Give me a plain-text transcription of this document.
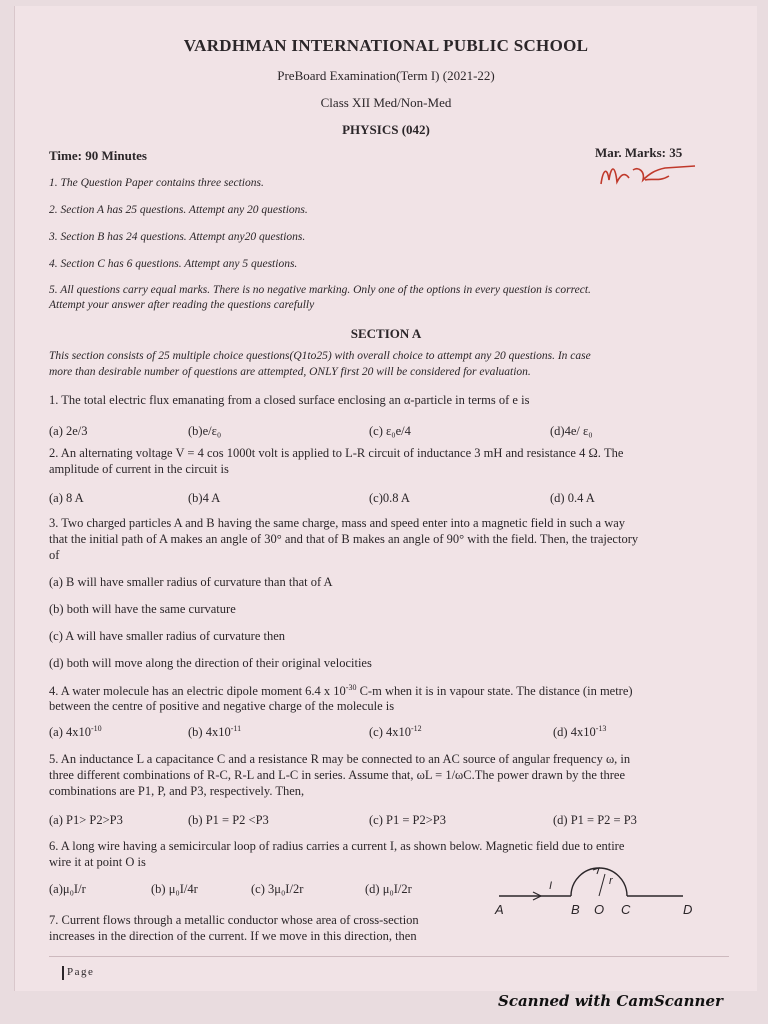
VARDHMAN INTERNATIONAL PUBLIC SCHOOL
PreBoard Examination(Term I) (2021-22)
Class XII Med/Non-Med
PHYSICS (042)
Time: 90 Minutes	Mar. Marks: 35
1. The Question Paper contains three sections.
2. Section A has 25 questions. Attempt any 20 questions.
3. Section B has 24 questions. Attempt any20 questions.
4. Section C has 6 questions. Attempt any 5 questions.
5. All questions carry equal marks. There is no negative marking. Only one of the options in every question is correct.
Attempt your answer after reading the questions carefully
SECTION A
This section consists of 25 multiple choice questions(Q1to25) with overall choice to attempt any 20 questions. In case
more than desirable number of questions are attempted, ONLY first 20 will be considered for evaluation.
1. The total electric flux emanating from a closed surface enclosing an α-particle in terms of e is
(a) 2e/3	(b)e/ε₀	(c) ε₀e/4	(d)4e/ ε₀
2. An alternating voltage V = 4 cos 1000t volt is applied to L-R circuit of inductance 3 mH and resistance 4 Ω. The
amplitude of current in the circuit is
(a) 8 A	(b)4 A	(c)0.8 A	(d) 0.4 A
3. Two charged particles A and B having the same charge, mass and speed enter into a magnetic field in such a way
that the initial path of A makes an angle of 30° and that of B makes an angle of 90° with the field. Then, the trajectory
of
(a) B will have smaller radius of curvature than that of A
(b) both will have the same curvature
(c) A will have smaller radius of curvature then
(d) both will move along the direction of their original velocities
4. A water molecule has an electric dipole moment 6.4 x $10^{-30}$ C-m when it is in vapour state. The distance (in metre)
between the centre of positive and negative charge of the molecule is
(a) $4x10^{-10}$	(b) $4x10^{-11}$	(c) $4x10^{-12}$	(d) $4x10^{-13}$
5. An inductance L a capacitance C and a resistance R may be connected to an AC source of angular frequency ω, in
three different combinations of R-C, R-L and L-C in series. Assume that, ωL = 1/ωC.The power drawn by the three
combinations are P1, P, and P3, respectively. Then,
(a) P1> P2>P3	(b) P1 = P2 <P3	(c) P1 = P2>P3	(d) P1 = P2 = P3
6. A long wire having a semicircular loop of radius carries a current I, as shown below. Magnetic field due to entire
wire it at point O is
(a)μ₀I/r	(b) μ₀I/4r	(c) 3μ₀I/2r	(d) μ₀I/2r
A	B O C	D
I	r
7. Current flows through a metallic conductor whose area of cross-section
increases in the direction of the current. If we move in this direction, then
Page
Scanned with CamScanner
